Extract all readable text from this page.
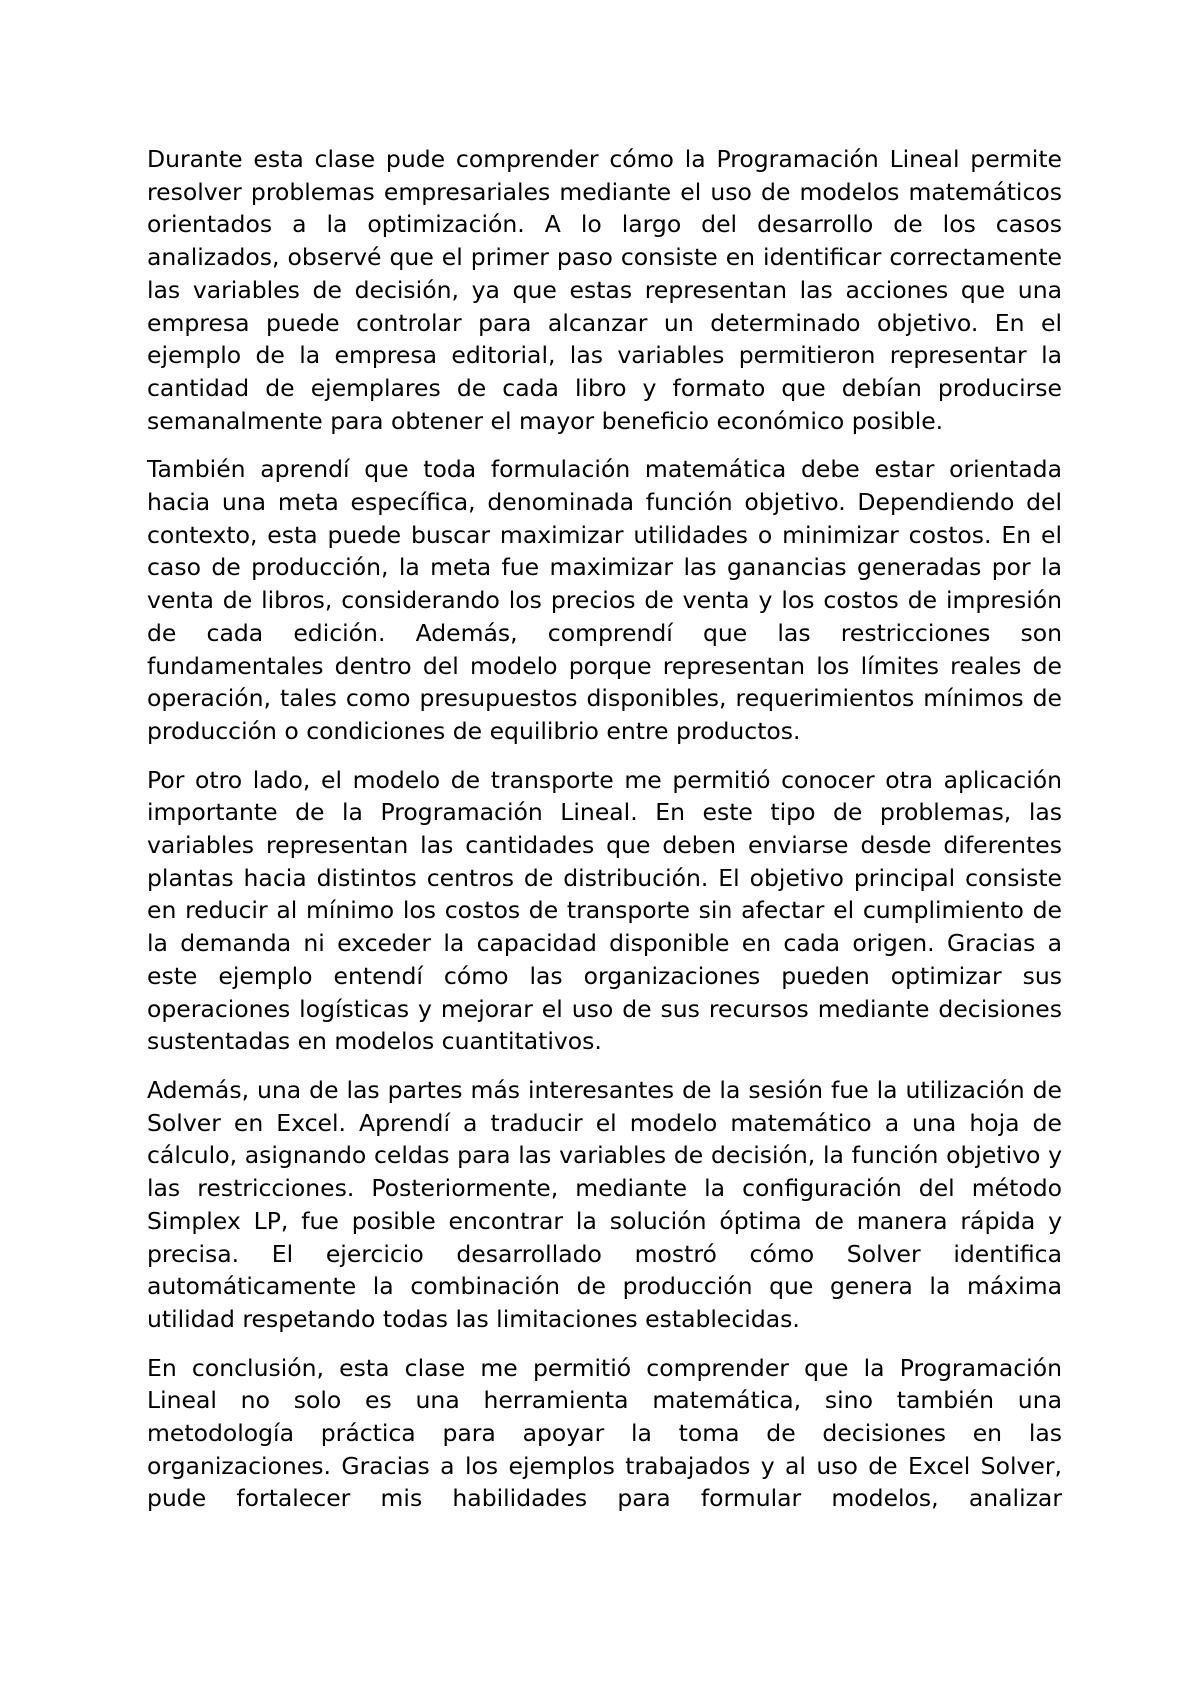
Durante esta clase pude comprender cómo la Programación Lineal permite resolver problemas empresariales mediante el uso de modelos matemáticos orientados a la optimización. A lo largo del desarrollo de los casos analizados, observé que el primer paso consiste en identificar correctamente las variables de decisión, ya que estas representan las acciones que una empresa puede controlar para alcanzar un determinado objetivo. En el ejemplo de la empresa editorial, las variables permitieron representar la cantidad de ejemplares de cada libro y formato que debían producirse semanalmente para obtener el mayor beneficio económico posible.

También aprendí que toda formulación matemática debe estar orientada hacia una meta específica, denominada función objetivo. Dependiendo del contexto, esta puede buscar maximizar utilidades o minimizar costos. En el caso de producción, la meta fue maximizar las ganancias generadas por la venta de libros, considerando los precios de venta y los costos de impresión de cada edición. Además, comprendí que las restricciones son fundamentales dentro del modelo porque representan los límites reales de operación, tales como presupuestos disponibles, requerimientos mínimos de producción o condiciones de equilibrio entre productos.

Por otro lado, el modelo de transporte me permitió conocer otra aplicación importante de la Programación Lineal. En este tipo de problemas, las variables representan las cantidades que deben enviarse desde diferentes plantas hacia distintos centros de distribución. El objetivo principal consiste en reducir al mínimo los costos de transporte sin afectar el cumplimiento de la demanda ni exceder la capacidad disponible en cada origen. Gracias a este ejemplo entendí cómo las organizaciones pueden optimizar sus operaciones logísticas y mejorar el uso de sus recursos mediante decisiones sustentadas en modelos cuantitativos.

Además, una de las partes más interesantes de la sesión fue la utilización de Solver en Excel. Aprendí a traducir el modelo matemático a una hoja de cálculo, asignando celdas para las variables de decisión, la función objetivo y las restricciones. Posteriormente, mediante la configuración del método Simplex LP, fue posible encontrar la solución óptima de manera rápida y precisa. El ejercicio desarrollado mostró cómo Solver identifica automáticamente la combinación de producción que genera la máxima utilidad respetando todas las limitaciones establecidas.

En conclusión, esta clase me permitió comprender que la Programación Lineal no solo es una herramienta matemática, sino también una metodología práctica para apoyar la toma de decisiones en las organizaciones. Gracias a los ejemplos trabajados y al uso de Excel Solver, pude fortalecer mis habilidades para formular modelos, analizar
